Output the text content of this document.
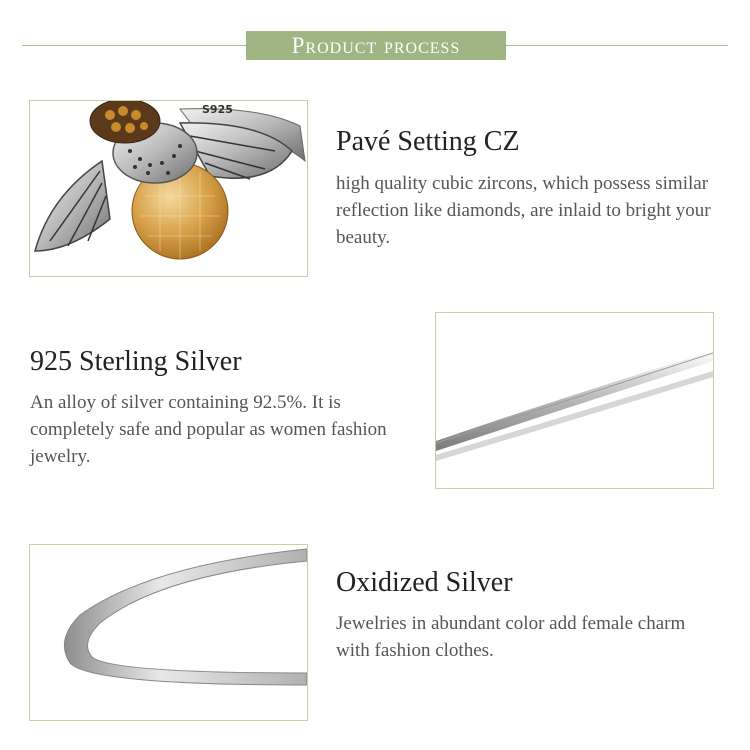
Product process
S925
Pavé Setting CZ
high quality cubic zircons, which possess similar reflection like diamonds, are inlaid to bright your beauty.
925 Sterling Silver
An alloy of silver containing 92.5%. It is completely safe and popular as women fashion jewelry.
Oxidized Silver
Jewelries in abundant color add female charm with fashion clothes.
